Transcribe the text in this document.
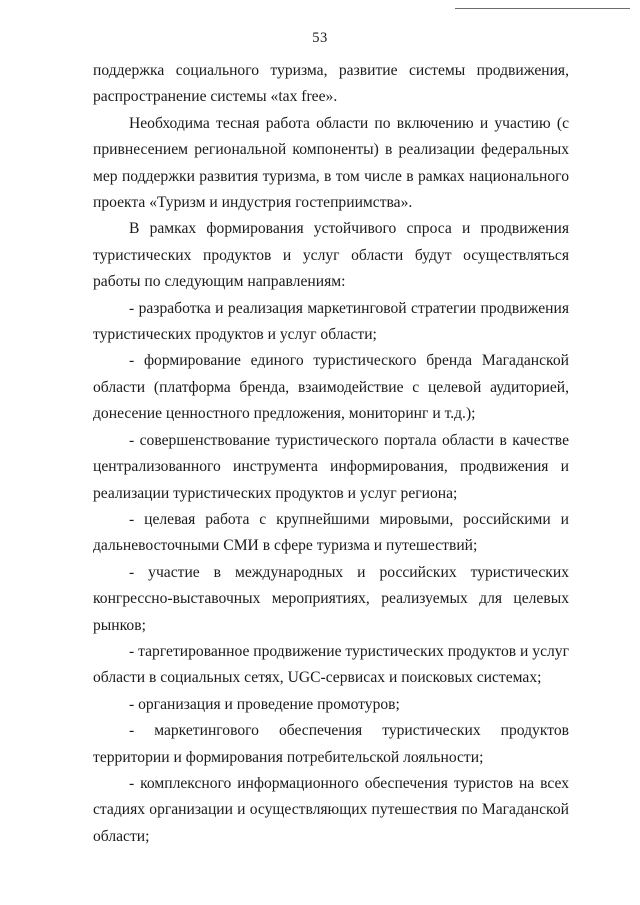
53

поддержка социального туризма, развитие системы продвижения, распространение системы «tax free».

Необходима тесная работа области по включению и участию (с привнесением региональной компоненты) в реализации федеральных мер поддержки развития туризма, в том числе в рамках национального проекта «Туризм и индустрия гостеприимства».

В рамках формирования устойчивого спроса и продвижения туристических продуктов и услуг области будут осуществляться работы по следующим направлениям:

- разработка и реализация маркетинговой стратегии продвижения туристических продуктов и услуг области;

- формирование единого туристического бренда Магаданской области (платформа бренда, взаимодействие с целевой аудиторией, донесение ценностного предложения, мониторинг и т.д.);

- совершенствование туристического портала области в качестве централизованного инструмента информирования, продвижения и реализации туристических продуктов и услуг региона;

- целевая работа с крупнейшими мировыми, российскими и дальневосточными СМИ в сфере туризма и путешествий;

- участие в международных и российских туристических конгрессно-выставочных мероприятиях, реализуемых для целевых рынков;

- таргетированное продвижение туристических продуктов и услуг области в социальных сетях, UGC-сервисах и поисковых системах;

- организация и проведение промотуров;

- маркетингового обеспечения туристических продуктов территории и формирования потребительской лояльности;

- комплексного информационного обеспечения туристов на всех стадиях организации и осуществляющих путешествия по Магаданской области;
